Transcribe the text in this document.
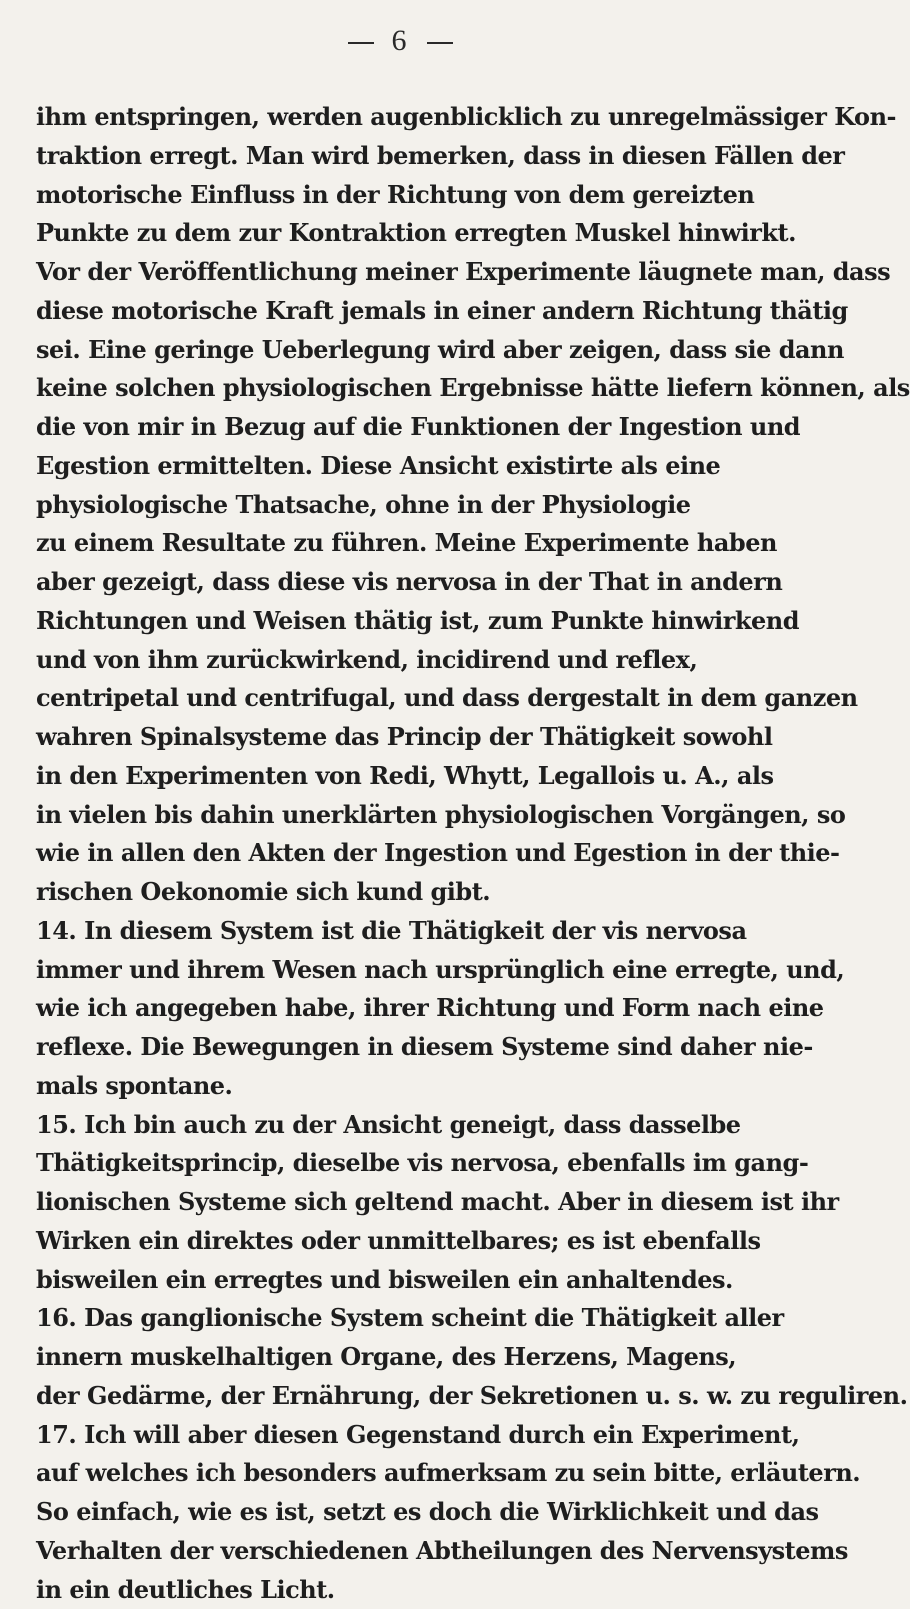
6
ihm entspringen, werden augenblicklich zu unregelmässiger Kon-
traktion erregt. Man wird bemerken, dass in diesen Fällen der
motorische Einfluss in der Richtung von dem gereizten
Punkte zu dem zur Kontraktion erregten Muskel hinwirkt.
Vor der Veröffentlichung meiner Experimente läugnete man, dass
diese motorische Kraft jemals in einer andern Richtung thätig
sei. Eine geringe Ueberlegung wird aber zeigen, dass sie dann
keine solchen physiologischen Ergebnisse hätte liefern können, als
die von mir in Bezug auf die Funktionen der Ingestion und
Egestion ermittelten. Diese Ansicht existirte als eine
physiologische Thatsache, ohne in der Physiologie
zu einem Resultate zu führen. Meine Experimente haben
aber gezeigt, dass diese vis nervosa in der That in andern
Richtungen und Weisen thätig ist, zum Punkte hinwirkend
und von ihm zurückwirkend, incidirend und reflex,
centripetal und centrifugal, und dass dergestalt in dem ganzen
wahren Spinalsysteme das Princip der Thätigkeit sowohl
in den Experimenten von Redi, Whytt, Legallois u. A., als
in vielen bis dahin unerklärten physiologischen Vorgängen, so
wie in allen den Akten der Ingestion und Egestion in der thie-
rischen Oekonomie sich kund gibt.
14. In diesem System ist die Thätigkeit der vis nervosa
immer und ihrem Wesen nach ursprünglich eine erregte, und,
wie ich angegeben habe, ihrer Richtung und Form nach eine
reflexe. Die Bewegungen in diesem Systeme sind daher nie-
mals spontane.
15. Ich bin auch zu der Ansicht geneigt, dass dasselbe
Thätigkeitsprincip, dieselbe vis nervosa, ebenfalls im gang-
lionischen Systeme sich geltend macht. Aber in diesem ist ihr
Wirken ein direktes oder unmittelbares; es ist ebenfalls
bisweilen ein erregtes und bisweilen ein anhaltendes.
16. Das ganglionische System scheint die Thätigkeit aller
innern muskelhaltigen Organe, des Herzens, Magens,
der Gedärme, der Ernährung, der Sekretionen u. s. w. zu reguliren.
17. Ich will aber diesen Gegenstand durch ein Experiment,
auf welches ich besonders aufmerksam zu sein bitte, erläutern.
So einfach, wie es ist, setzt es doch die Wirklichkeit und das
Verhalten der verschiedenen Abtheilungen des Nervensystems
in ein deutliches Licht.
